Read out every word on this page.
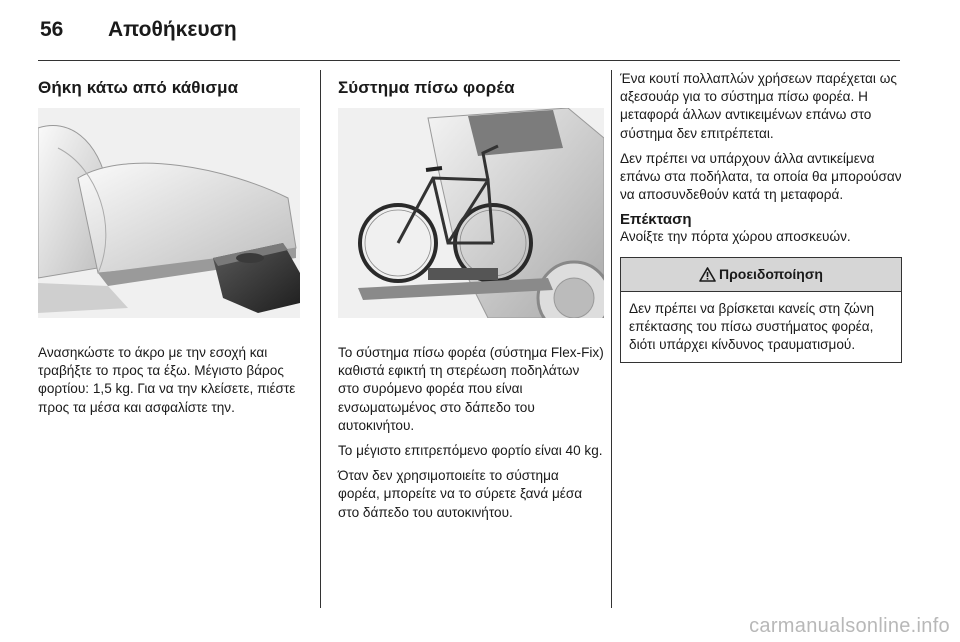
56	Αποθήκευση
Θήκη κάτω από κάθισμα

Ανασηκώστε το άκρο με την εσοχή και τραβήξτε το προς τα έξω. Μέγιστο βάρος φορτίου: 1,5 kg. Για να την κλείσετε, πιέστε προς τα μέσα και ασφαλίστε την.

Σύστημα πίσω φορέα

Το σύστημα πίσω φορέα (σύστημα Flex-Fix) καθιστά εφικτή τη στερέωση ποδηλάτων στο συρόμενο φορέα που είναι ενσωματωμένος στο δάπεδο του αυτοκινήτου.

Το μέγιστο επιτρεπόμενο φορτίο είναι 40 kg.

Όταν δεν χρησιμοποιείτε το σύστημα φορέα, μπορείτε να το σύρετε ξανά μέσα στο δάπεδο του αυτοκινήτου.

Ένα κουτί πολλαπλών χρήσεων παρέχεται ως αξεσουάρ για το σύστημα πίσω φορέα. Η μεταφορά άλλων αντικειμένων επάνω στο σύστημα δεν επιτρέπεται.

Δεν πρέπει να υπάρχουν άλλα αντικείμενα επάνω στα ποδήλατα, τα οποία θα μπορούσαν να αποσυνδεθούν κατά τη μεταφορά.

Επέκταση

Ανοίξτε την πόρτα χώρου αποσκευών.

Προειδοποίηση

Δεν πρέπει να βρίσκεται κανείς στη ζώνη επέκτασης του πίσω συστήματος φορέα, διότι υπάρχει κίνδυνος τραυματισμού.

carmanualsonline.info
